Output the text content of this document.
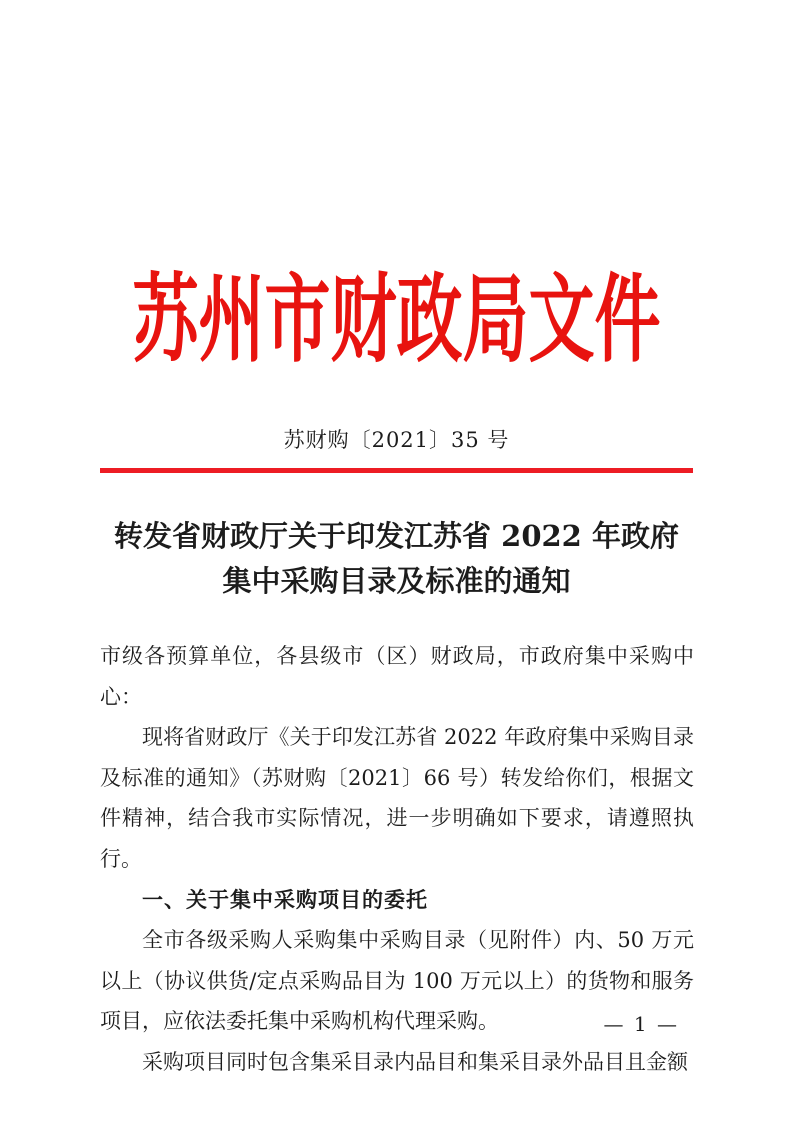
苏州市财政局文件
苏财购〔2021〕35 号
转发省财政厅关于印发江苏省 2022 年政府
集中采购目录及标准的通知

市级各预算单位，各县级市（区）财政局，市政府集中采购中心：

现将省财政厅《关于印发江苏省 2022 年政府集中采购目录及标准的通知》（苏财购〔2021〕66 号）转发给你们，根据文件精神，结合我市实际情况，进一步明确如下要求，请遵照执行。

一、关于集中采购项目的委托

全市各级采购人采购集中采购目录（见附件）内、50 万元以上（协议供货/定点采购品目为 100 万元以上）的货物和服务项目，应依法委托集中采购机构代理采购。

采购项目同时包含集采目录内品目和集采目录外品目且金额

— 1 —
